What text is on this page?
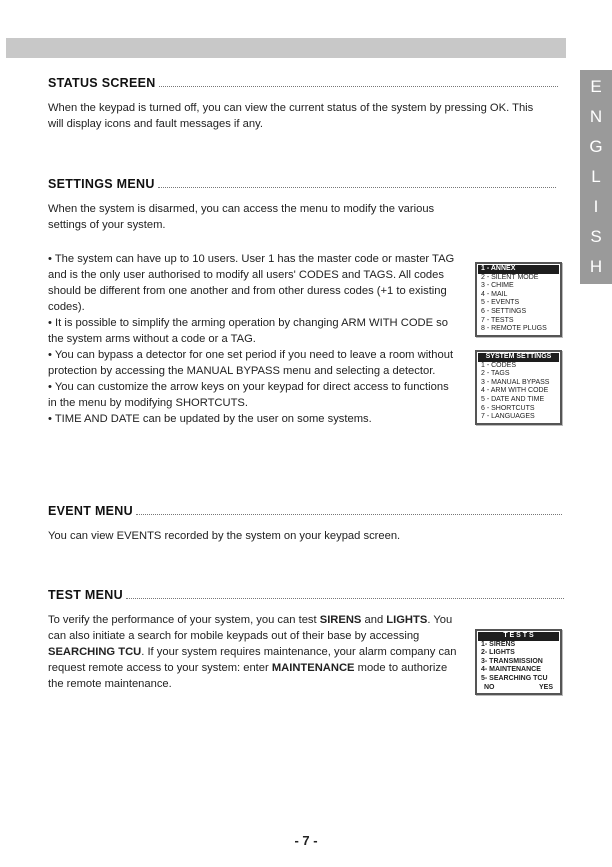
E
N
G
L
I
S
H
STATUS SCREEN

When the keypad is turned off, you can view the current status of the system by pressing OK. This will display icons and fault messages if any.

SETTINGS MENU

When the system is disarmed, you can access the menu to modify the various settings of your system.

• The system can have up to 10 users. User 1 has the master code or master TAG and is the only user authorised to modify all users' CODES and TAGS. All codes should be different from one another and from other duress codes (+1 to existing codes).

• It is possible to simplify the arming operation by changing ARM WITH CODE so the system arms without a code or a TAG.

• You can bypass a detector for one set period if you need to leave a room without protection by accessing the MANUAL BYPASS menu and selecting a detector.

• You can customize the arrow keys on your keypad for direct access to functions in the menu by modifying SHORTCUTS.

• TIME AND DATE can be updated by the user on some systems.

1 - ANNEX
2 - SILENT MODE
3 - CHIME
4 - MAIL
5 - EVENTS
6 - SETTINGS
7 - TESTS
8 - REMOTE PLUGS
SYSTEM SETTINGS
1 - CODES
2 - TAGS
3 - MANUAL BYPASS
4 - ARM WITH CODE
5 - DATE AND TIME
6 - SHORTCUTS
7 - LANGUAGES
EVENT MENU

You can view EVENTS recorded by the system on your keypad screen.

TEST MENU

To verify the performance of your system, you can test SIRENS and LIGHTS. You can also initiate a search for mobile keypads out of their base by accessing SEARCHING TCU. If your system requires maintenance, your alarm company can request remote access to your system: enter MAINTENANCE mode to authorize the remote maintenance.

T E S T S
1- SIRENS
2- LIGHTS
3- TRANSMISSION
4- MAINTENANCE
5- SEARCHING TCU
NO	YES
- 7 -
